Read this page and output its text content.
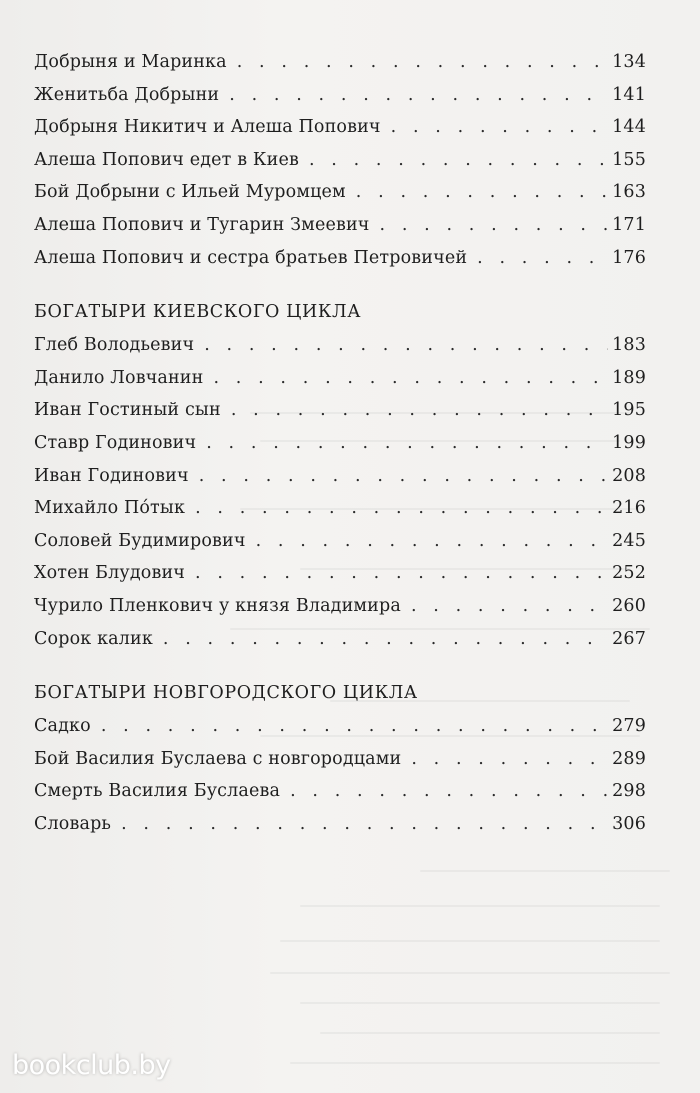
Добрыня и Маринка . . .	134
Женитьба Добрыни . . .	141
Добрыня Никитич и Алеша Попович . . .	144
Алеша Попович едет в Киев . . .	155
Бой Добрыни с Ильей Муромцем . . .	163
Алеша Попович и Тугарин Змеевич . . .	171
Алеша Попович и сестра братьев Петровичей . . .	176
БОГАТЫРИ КИЕВСКОГО ЦИКЛА
Глеб Володьевич . . .	183
Данило Ловчанин . . .	189
Иван Гостиный сын . . .	195
Ставр Годинович . . .	199
Иван Годинович . . .	208
Михайло По́тык . . .	216
Соловей Будимирович . . .	245
Хотен Блудович . . .	252
Чурило Пленкович у князя Владимира . . .	260
Сорок калик . . .	267
БОГАТЫРИ НОВГОРОДСКОГО ЦИКЛА
Садко . . .	279
Бой Василия Буслаева с новгородцами . . .	289
Смерть Василия Буслаева . . .	298
Словарь . . .	306
bookclub.by
